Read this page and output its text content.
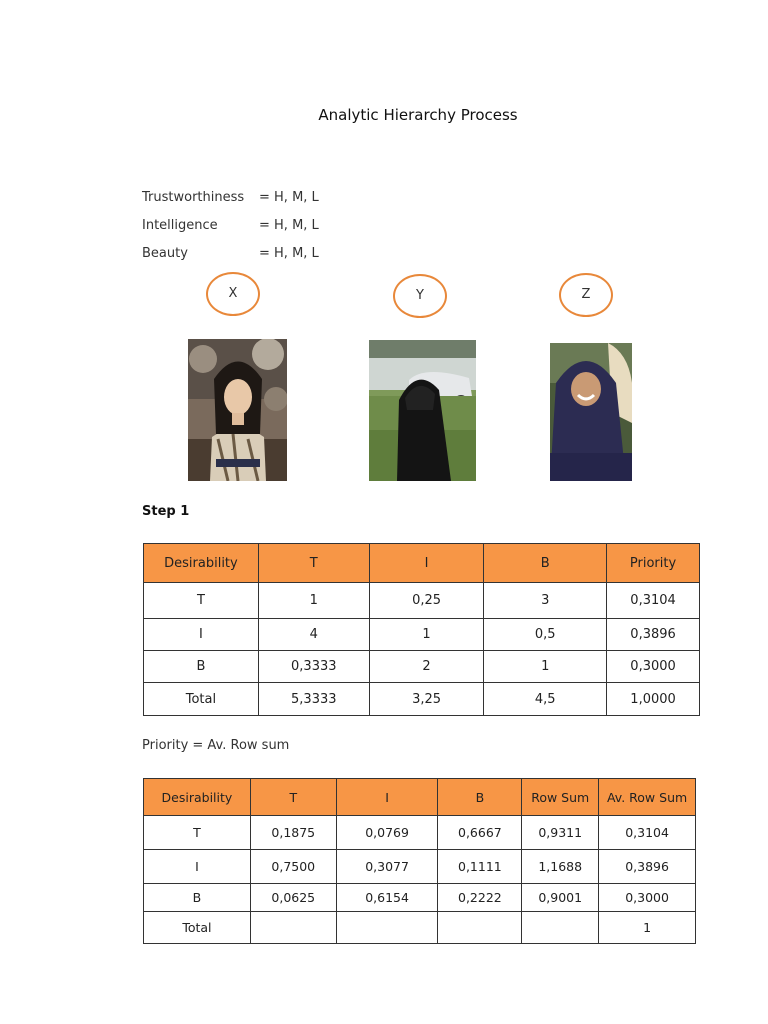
Analytic Hierarchy Process
Trustworthiness = H, M, L
Intelligence	= H, M, L
Beauty	= H, M, L
X	Y	Z
Step 1
Desirability	T	I	B	Priority
T	1	0,25	3	0,3104
I	4	1	0,5	0,3896
B	0,3333	2	1	0,3000
Total	5,3333	3,25	4,5	1,0000
Priority = Av. Row sum
Desirability	T	I	B	Row Sum	Av. Row Sum
T	0,1875	0,0769	0,6667	0,9311	0,3104
I	0,7500	0,3077	0,1111	1,1688	0,3896
B	0,0625	0,6154	0,2222	0,9001	0,3000
Total					1
